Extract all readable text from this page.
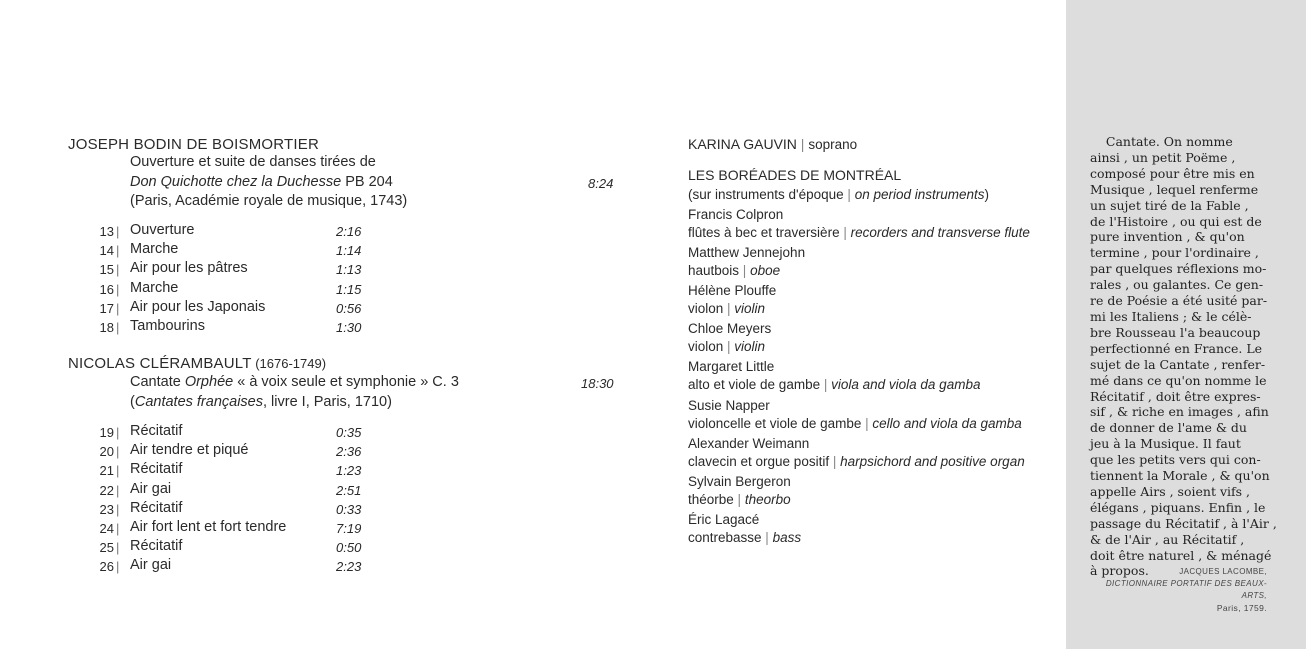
JOSEPH BODIN DE BOISMORTIER
Ouverture et suite de danses tirées de
Don Quichotte chez la Duchesse PB 204	8:24
(Paris, Académie royale de musique, 1743)
13 | Ouverture	2:16
14 | Marche	1:14
15 | Air pour les pâtres	1:13
16 | Marche	1:15
17 | Air pour les Japonais	0:56
18 | Tambourins	1:30
NICOLAS CLÉRAMBAULT (1676-1749)
Cantate Orphée « à voix seule et symphonie » C. 3	18:30
(Cantates françaises, livre I, Paris, 1710)
19 | Récitatif	0:35
20 | Air tendre et piqué	2:36
21 | Récitatif	1:23
22 | Air gai	2:51
23 | Récitatif	0:33
24 | Air fort lent et fort tendre	7:19
25 | Récitatif	0:50
26 | Air gai	2:23
KARINA GAUVIN | soprano
LES BORÉADES DE MONTRÉAL
(sur instruments d'époque | on period instruments)
Francis Colpron
flûtes à bec et traversière | recorders and transverse flute
Matthew Jennejohn
hautbois | oboe
Hélène Plouffe
violon | violin
Chloe Meyers
violon | violin
Margaret Little
alto et viole de gambe | viola and viola da gamba
Susie Napper
violoncelle et viole de gambe | cello and viola da gamba
Alexander Weimann
clavecin et orgue positif | harpsichord and positive organ
Sylvain Bergeron
théorbe | theorbo
Éric Lagacé
contrebasse | bass
Cantate. On nomme
ainsi , un petit Poëme ,
composé pour être mis en
Musique , lequel renferme
un sujet tiré de la Fable ,
de l'Histoire , ou qui est de
pure invention , & qu'on
termine , pour l'ordinaire ,
par quelques réflexions mo-
rales , ou galantes. Ce gen-
re de Poésie a été usité par-
mi les Italiens ; & le célè-
bre Rousseau l'a beaucoup
perfectionné en France. Le
sujet de la Cantate , renfer-
mé dans ce qu'on nomme le
Récitatif , doit être expres-
sif , & riche en images , afin
de donner de l'ame & du
jeu à la Musique. Il faut
que les petits vers qui con-
tiennent la Morale , & qu'on
appelle Airs , soient vifs ,
élégans , piquans. Enfin , le
passage du Récitatif , à l'Air ,
& de l'Air , au Récitatif ,
doit être naturel , & ménagé
à propos.	JACQUES LACOMBE,
DICTIONNAIRE PORTATIF DES BEAUX-ARTS,
Paris, 1759.
